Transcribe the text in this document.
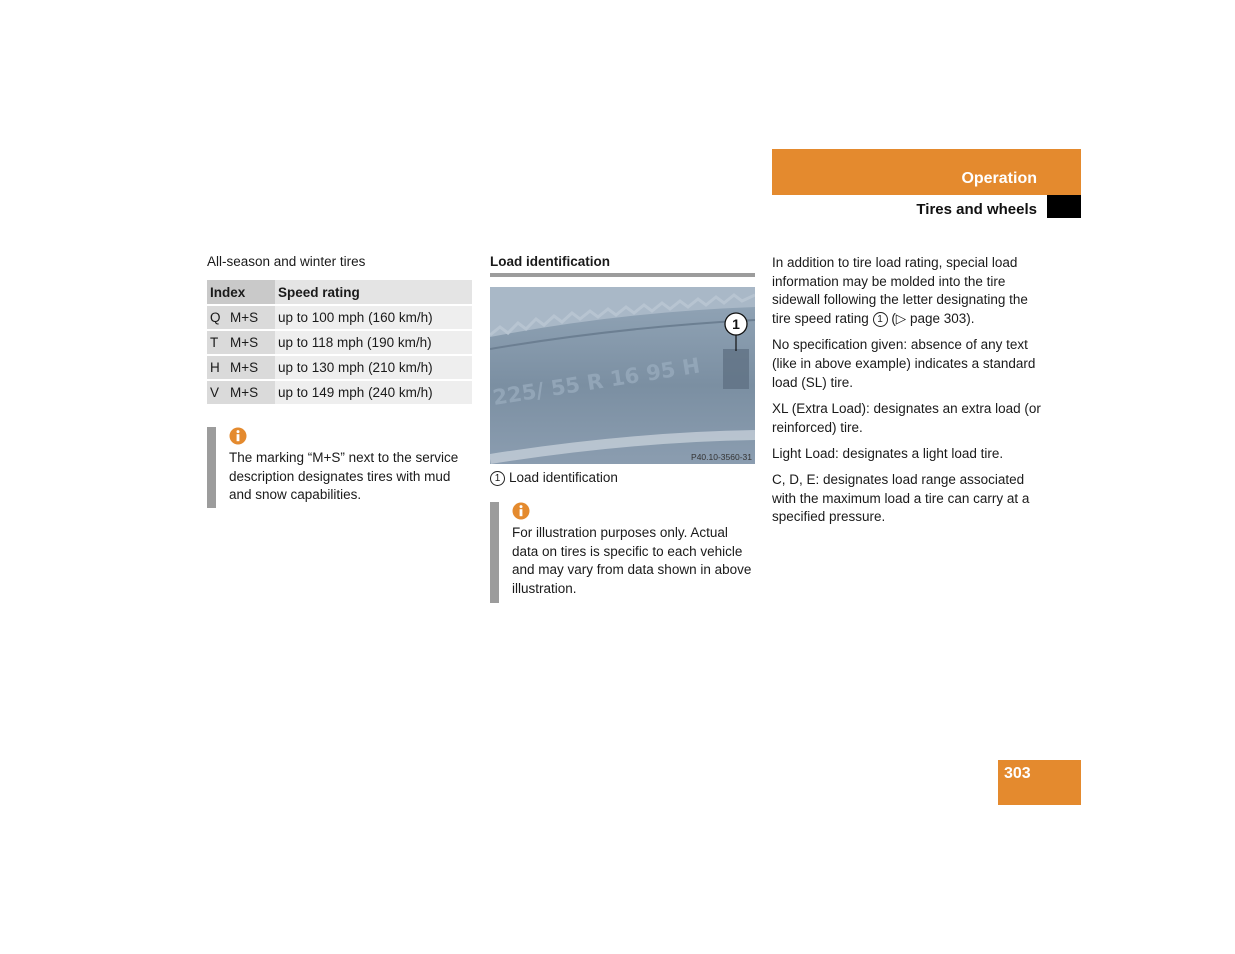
Operation
Tires and wheels
All-season and winter tires
Index	Speed rating
Q M+S	up to 100 mph (160 km/h)
T M+S	up to 118 mph (190 km/h)
H M+S	up to 130 mph (210 km/h)
V M+S	up to 149 mph (240 km/h)
The marking “M+S” next to the service description designates tires with mud and snow capabilities.
Load identification
225/ 55 R 16 95 H
1
P40.10-3560-31
1 Load identification
For illustration purposes only. Actual data on tires is specific to each vehicle and may vary from data shown in above illustration.

In addition to tire load rating, special load information may be molded into the tire sidewall following the letter designating the tire speed rating 1 (▷ page 303).

No specification given: absence of any text (like in above example) indicates a standard load (SL) tire.

XL (Extra Load): designates an extra load (or reinforced) tire.

Light Load: designates a light load tire.

C, D, E: designates load range associated with the maximum load a tire can carry at a specified pressure.

303
